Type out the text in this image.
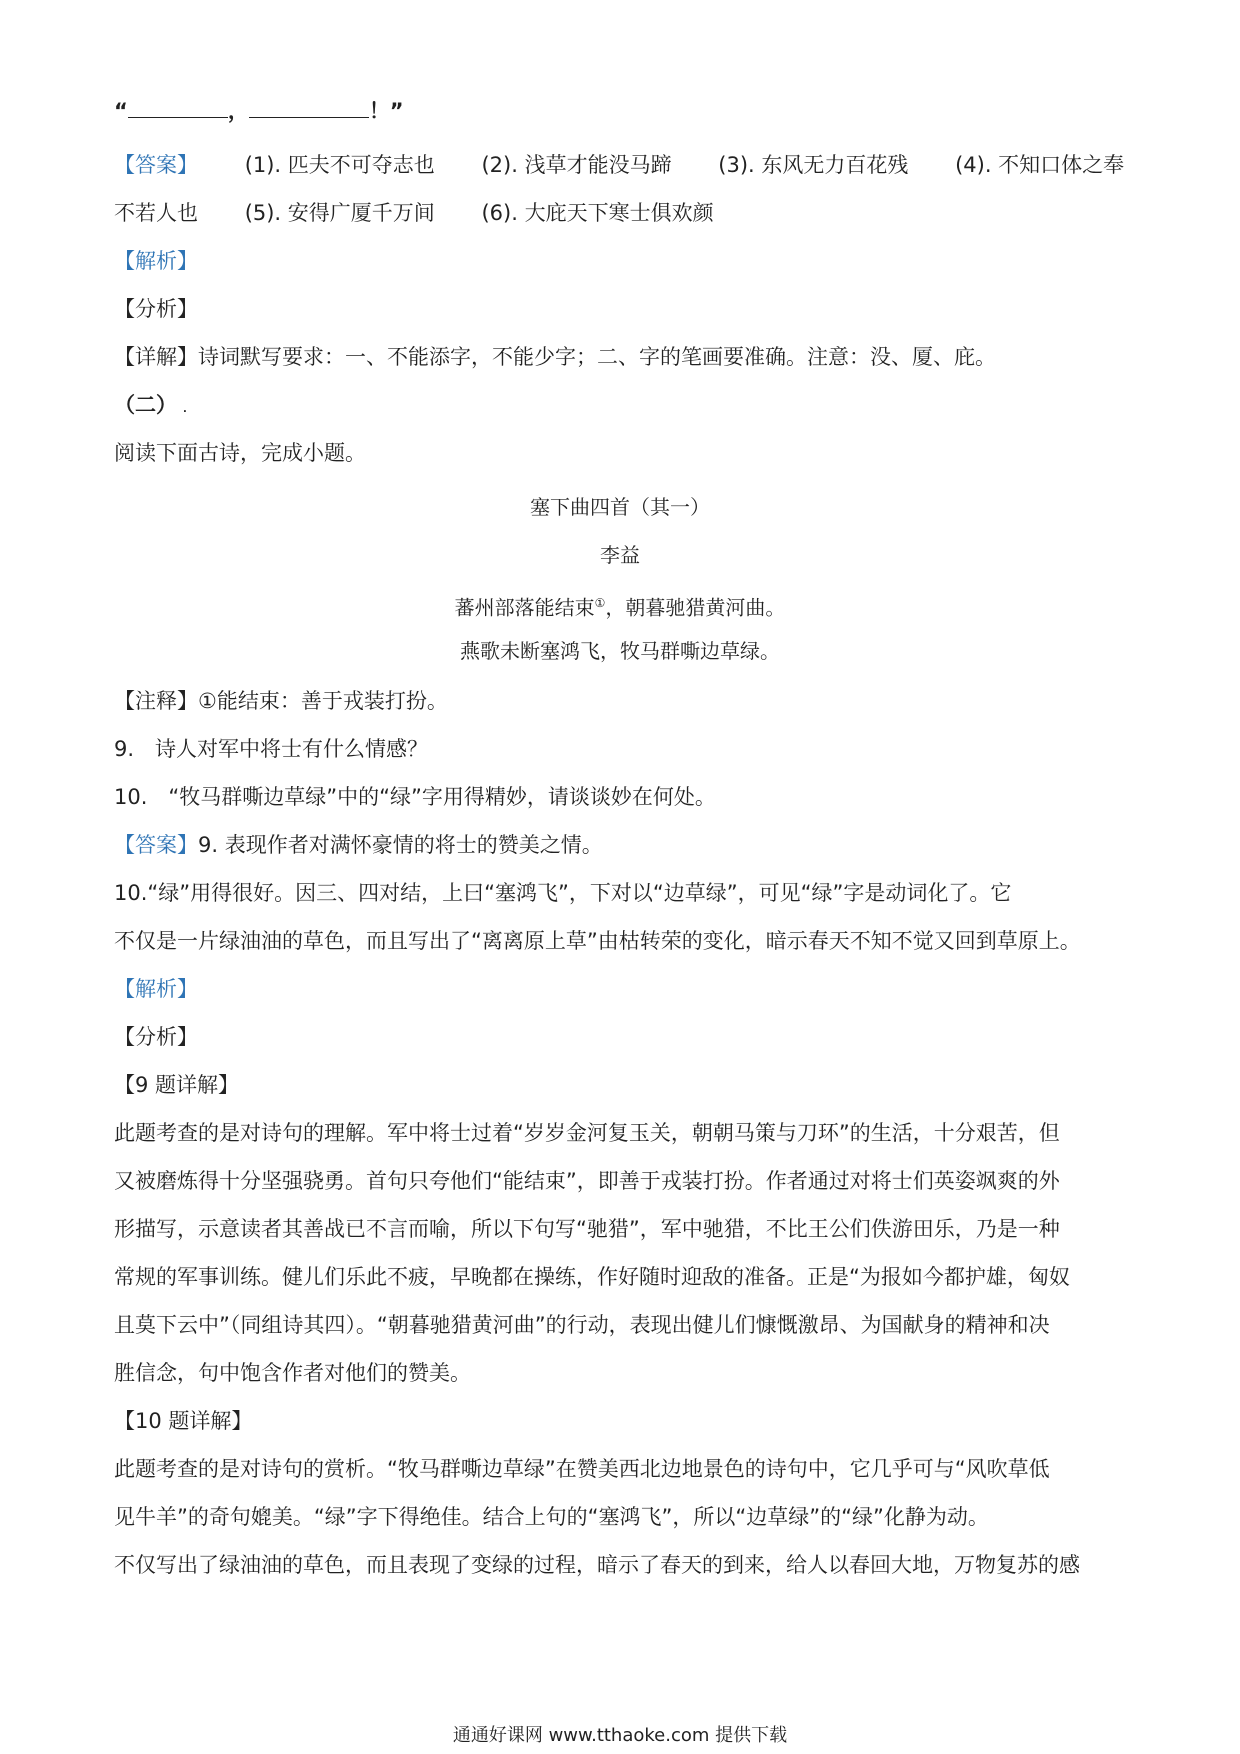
“	，	！”
【答案】 (1). 匹夫不可夺志也 (2). 浅草才能没马蹄 (3). 东风无力百花残 (4). 不知口体之奉
不若人也 (5). 安得广厦千万间 (6). 大庇天下寒士俱欢颜
【解析】
【分析】
【详解】诗词默写要求：一、不能添字，不能少字；二、字的笔画要准确。注意：没、厦、庇。
（二） .
阅读下面古诗，完成小题。
塞下曲四首（其一）
李益
蕃州部落能结束①，朝暮驰猎黄河曲。
燕歌未断塞鸿飞，牧马群嘶边草绿。
【注释】①能结束：善于戎装打扮。
9.　诗人对军中将士有什么情感？
10.　“牧马群嘶边草绿”中的“绿”字用得精妙，请谈谈妙在何处。
【答案】9. 表现作者对满怀豪情的将士的赞美之情。
10.“绿”用得很好。因三、四对结，上曰“塞鸿飞”，下对以“边草绿”，可见“绿”字是动词化了。它
不仅是一片绿油油的草色，而且写出了“离离原上草”由枯转荣的变化，暗示春天不知不觉又回到草原上。
【解析】
【分析】
【9 题详解】
此题考查的是对诗句的理解。军中将士过着“岁岁金河复玉关，朝朝马策与刀环”的生活，十分艰苦，但
又被磨炼得十分坚强骁勇。首句只夸他们“能结束”，即善于戎装打扮。作者通过对将士们英姿飒爽的外
形描写，示意读者其善战已不言而喻，所以下句写“驰猎”，军中驰猎，不比王公们佚游田乐，乃是一种
常规的军事训练。健儿们乐此不疲，早晚都在操练，作好随时迎敌的准备。正是“为报如今都护雄，匈奴
且莫下云中”（同组诗其四）。“朝暮驰猎黄河曲”的行动，表现出健儿们慷慨激昂、为国献身的精神和决
胜信念，句中饱含作者对他们的赞美。
【10 题详解】
此题考查的是对诗句的赏析。“牧马群嘶边草绿”在赞美西北边地景色的诗句中，它几乎可与“风吹草低
见牛羊”的奇句媲美。“绿”字下得绝佳。结合上句的“塞鸿飞”，所以“边草绿”的“绿”化静为动。
不仅写出了绿油油的草色，而且表现了变绿的过程，暗示了春天的到来，给人以春回大地，万物复苏的感
通通好课网 www.tthaoke.com 提供下载
